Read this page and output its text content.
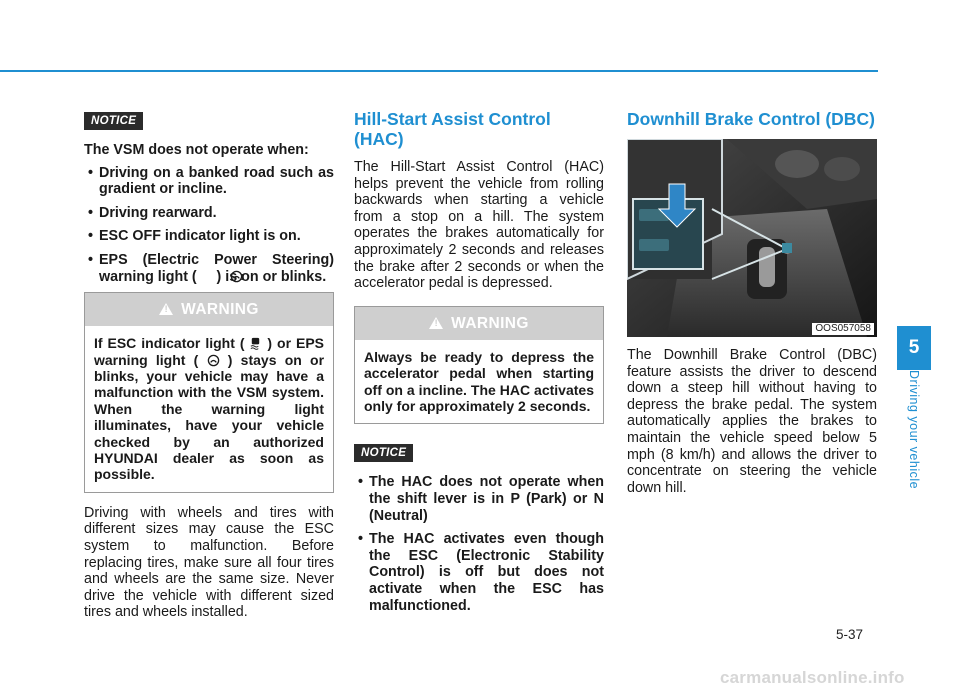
NOTICE
The VSM does not operate when:
• Driving on a banked road such as gradient or incline.
• Driving rearward.
• ESC OFF indicator light is on.
• EPS (Electric Power Steering) warning light (     ) is on or blinks.
!WARNING
If ESC indicator light ( ) or EPS warning light ( ) stays on or blinks, your vehicle may have a malfunction with the VSM system. When the warning light illuminates, have your vehicle checked by an authorized HYUNDAI dealer as soon as possible.
Driving with wheels and tires with different sizes may cause the ESC system to malfunction. Before replacing tires, make sure all four tires and wheels are the same size. Never drive the vehicle with different sized tires and wheels installed.
Hill-Start Assist Control (HAC)
The Hill-Start Assist Control (HAC) helps prevent the vehicle from rolling backwards when starting a vehicle from a stop on a hill. The system operates the brakes automatically for approximately 2 seconds and releases the brake after 2 seconds or when the accelerator pedal is depressed.
!WARNING
Always be ready to depress the accelerator pedal when starting off on a incline. The HAC activates only for approximately 2 seconds.
NOTICE
• The HAC does not operate when the shift lever is in P (Park) or N (Neutral)
• The HAC activates even though the ESC (Electronic Stability Control) is off but does not activate when the ESC has malfunctioned.
Downhill Brake Control (DBC)
OOS057058
The Downhill Brake Control (DBC) feature assists the driver to descend down a steep hill without having to depress the brake pedal. The system automatically applies the brakes to maintain the vehicle speed below 5 mph (8 km/h) and allows the driver to concentrate on steering the vehicle down hill.
5
Driving your vehicle
5-37
carmanualsonline.info
